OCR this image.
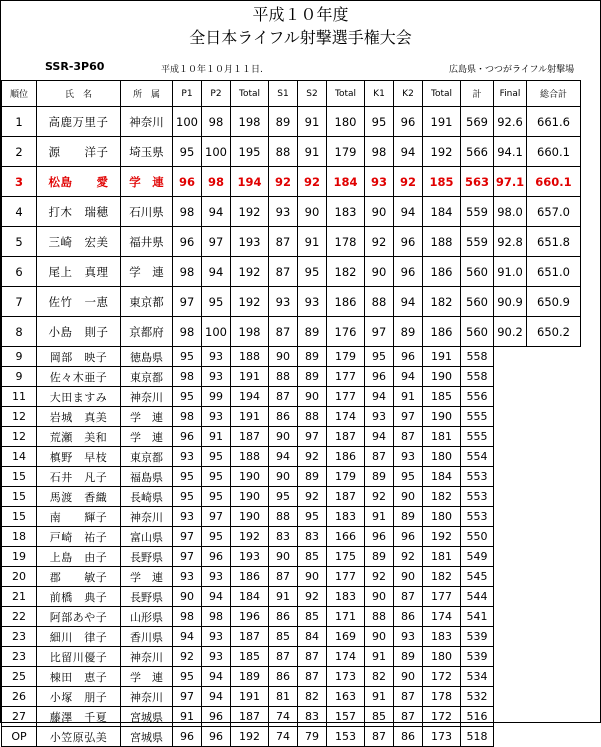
平成１０年度
全日本ライフル射撃選手権大会
SSR-3P60	平成１０年１０月１１日.	広島県・つつがライフル射撃場
順位	氏　名	所　属	P1	P2	Total	S1	S2	Total	K1	K2	Total	計	Final	総合計
1	高鹿万里子	神奈川	100	98	198	89	91	180	95	96	191	569	92.6	661.6
2	源　　洋子	埼玉県	95	100	195	88	91	179	98	94	192	566	94.1	660.1
3	松島　　愛	学　連	96	98	194	92	92	184	93	92	185	563	97.1	660.1
4	打木　瑞穂	石川県	98	94	192	93	90	183	90	94	184	559	98.0	657.0
5	三崎　宏美	福井県	96	97	193	87	91	178	92	96	188	559	92.8	651.8
6	尾上　真理	学　連	98	94	192	87	95	182	90	96	186	560	91.0	651.0
7	佐竹　一恵	東京都	97	95	192	93	93	186	88	94	182	560	90.9	650.9
8	小島　則子	京都府	98	100	198	87	89	176	97	89	186	560	90.2	650.2
9	岡部　映子	徳島県	95	93	188	90	89	179	95	96	191	558		
9	佐々木亜子	東京都	98	93	191	88	89	177	96	94	190	558		
11	大田ますみ	神奈川	95	99	194	87	90	177	94	91	185	556		
12	岩城　真美	学　連	98	93	191	86	88	174	93	97	190	555		
12	荒瀬　美和	学　連	96	91	187	90	97	187	94	87	181	555		
14	槙野　早枝	東京都	93	95	188	94	92	186	87	93	180	554		
15	石井　凡子	福島県	95	95	190	90	89	179	89	95	184	553		
15	馬渡　香織	長崎県	95	95	190	95	92	187	92	90	182	553		
15	南　　輝子	神奈川	93	97	190	88	95	183	91	89	180	553		
18	戸崎　祐子	富山県	97	95	192	83	83	166	96	96	192	550		
19	上島　由子	長野県	97	96	193	90	85	175	89	92	181	549		
20	郡　　敏子	学　連	93	93	186	87	90	177	92	90	182	545		
21	前橋　典子	長野県	90	94	184	91	92	183	90	87	177	544		
22	阿部あや子	山形県	98	98	196	86	85	171	88	86	174	541		
23	細川　律子	香川県	94	93	187	85	84	169	90	93	183	539		
23	比留川優子	神奈川	92	93	185	87	87	174	91	89	180	539		
25	棟田　恵子	学　連	95	94	189	86	87	173	82	90	172	534		
26	小塚　朋子	神奈川	97	94	191	81	82	163	91	87	178	532		
27	藤澤　千夏	宮城県	91	96	187	74	83	157	85	87	172	516		
OP	小笠原弘美	宮城県	96	96	192	74	79	153	87	86	173	518		
